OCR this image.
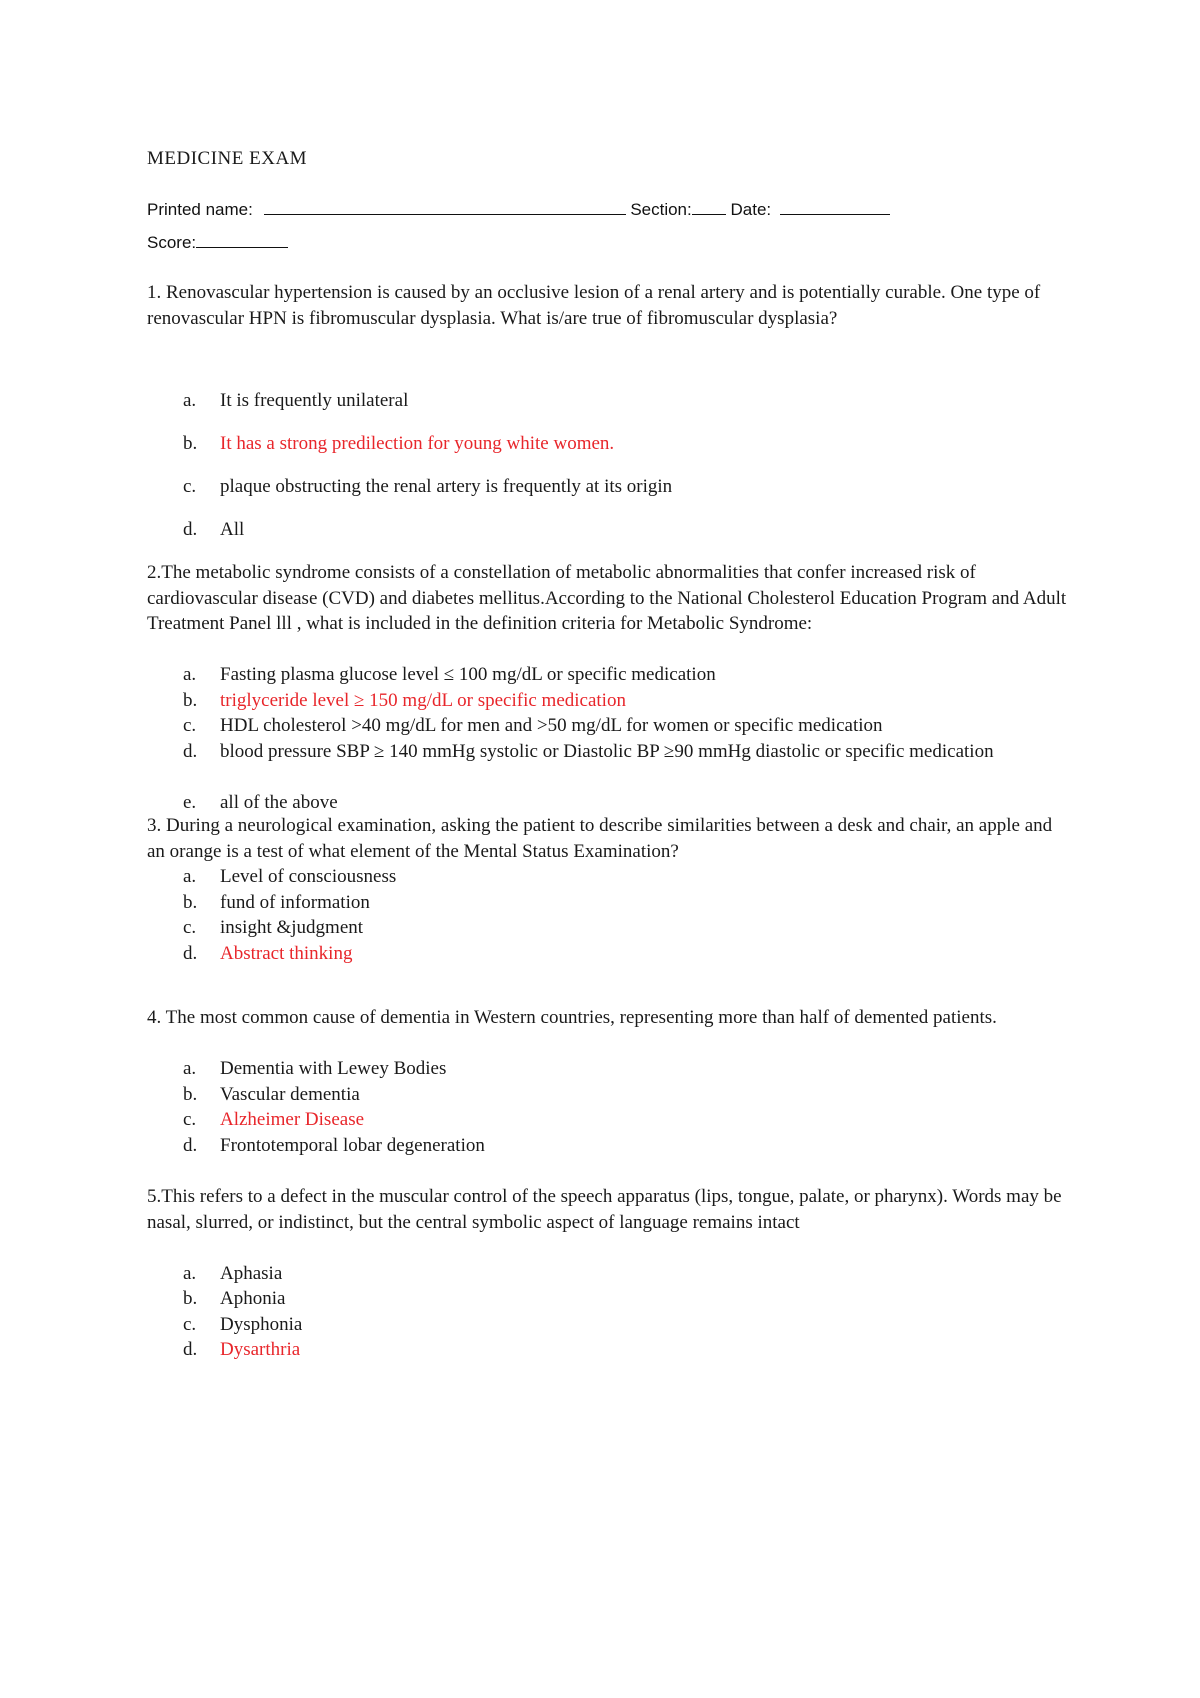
MEDICINE EXAM
Printed name:	Section: Date:
Score:
1. Renovascular hypertension is caused by an occlusive lesion of a renal artery and is potentially curable. One type of renovascular HPN is fibromuscular dysplasia. What is/are true of fibromuscular dysplasia?
a. It is frequently unilateral
b. It has a strong predilection for young white women.
c. plaque obstructing the renal artery is frequently at its origin
d. All
2.The metabolic syndrome consists of a constellation of metabolic abnormalities that confer increased risk of cardiovascular disease (CVD) and diabetes mellitus.According to the National Cholesterol Education Program and Adult Treatment Panel lll , what is included in the definition criteria for Metabolic Syndrome:
a. Fasting plasma glucose level ≤ 100 mg/dL or specific medication
b. triglyceride level ≥ 150 mg/dL or specific medication
c. HDL cholesterol >40 mg/dL for men and >50 mg/dL for women or specific medication
d. blood pressure SBP ≥ 140 mmHg systolic or Diastolic BP ≥90 mmHg diastolic or specific medication
e. all of the above
3. During a neurological examination, asking the patient to describe similarities between a desk and chair, an apple and an orange is a test of what element of the Mental Status Examination?
a. Level of consciousness
b. fund of information
c. insight &judgment
d. Abstract thinking
4. The most common cause of dementia in Western countries, representing more than half of demented patients.
a. Dementia with Lewey Bodies
b. Vascular dementia
c. Alzheimer Disease
d. Frontotemporal lobar degeneration
5.This refers to a defect in the muscular control of the speech apparatus (lips, tongue, palate, or pharynx). Words may be nasal, slurred, or indistinct, but the central symbolic aspect of language remains intact
a. Aphasia
b. Aphonia
c. Dysphonia
d. Dysarthria
